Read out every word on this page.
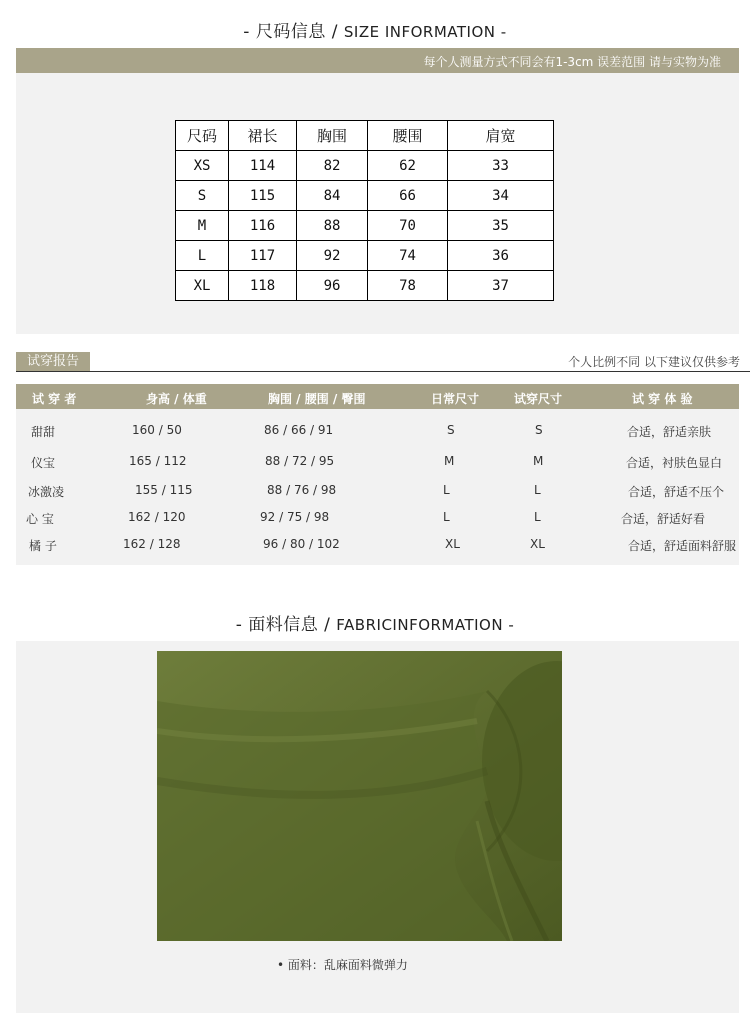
- 尺码信息 / SIZE INFORMATION -
每个人测量方式不同会有1-3cm 误差范围 请与实物为准
尺码	裙长	胸围	腰围	肩宽
XS	114	82	62	33
S	115	84	66	34
M	116	88	70	35
L	117	92	74	36
XL	118	96	78	37
试穿报告	个人比例不同 以下建议仅供参考
试 穿 者	身高 / 体重	胸围 / 腰围 / 臀围	日常尺寸	试穿尺寸	试 穿 体 验
甜甜	160 / 50	86 / 66 / 91	S	S	合适，舒适亲肤
仪宝	165 / 112	88 / 72 / 95	M	M	合适，衬肤色显白
冰激凌	155 / 115	88 / 76 / 98	L	L	合适，舒适不压个
心 宝	162 / 120	92 / 75 / 98	L	L	合适，舒适好看
橘 子	162 / 128	96 / 80 / 102	XL	XL	合适，舒适面料舒服
- 面料信息 / FABRICINFORMATION -
• 面料：乱麻面料微弹力
